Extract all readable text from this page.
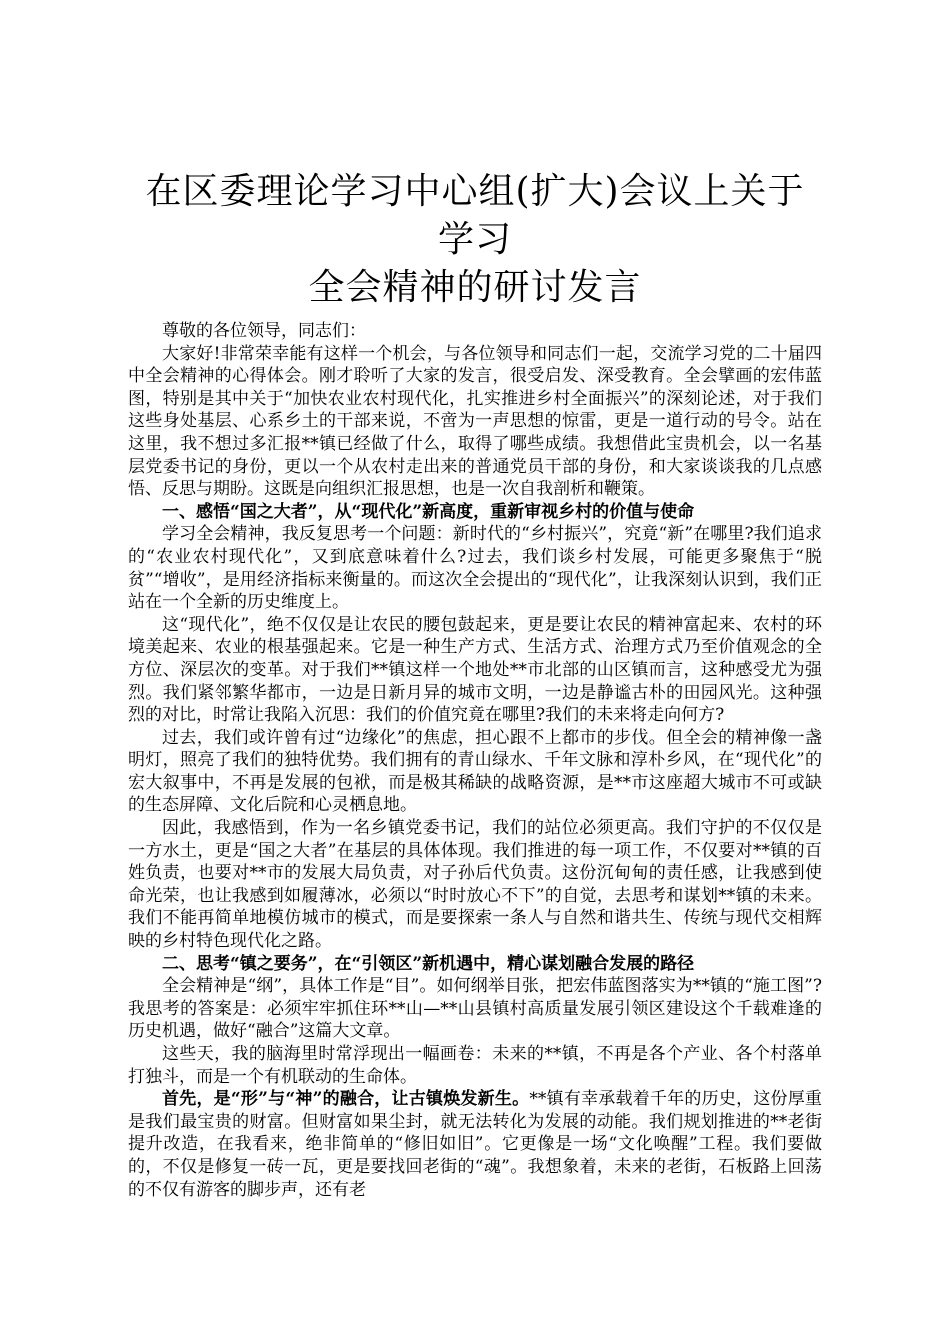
在区委理论学习中心组(扩大)会议上关于学习
全会精神的研讨发言

尊敬的各位领导，同志们：

大家好!非常荣幸能有这样一个机会，与各位领导和同志们一起，交流学习党的二十届四中全会精神的心得体会。刚才聆听了大家的发言，很受启发、深受教育。全会擘画的宏伟蓝图，特别是其中关于“加快农业农村现代化，扎实推进乡村全面振兴”的深刻论述，对于我们这些身处基层、心系乡土的干部来说，不啻为一声思想的惊雷，更是一道行动的号令。站在这里，我不想过多汇报**镇已经做了什么，取得了哪些成绩。我想借此宝贵机会，以一名基层党委书记的身份，更以一个从农村走出来的普通党员干部的身份，和大家谈谈我的几点感悟、反思与期盼。这既是向组织汇报思想，也是一次自我剖析和鞭策。

一、感悟“国之大者”，从“现代化”新高度，重新审视乡村的价值与使命

学习全会精神，我反复思考一个问题：新时代的“乡村振兴”，究竟“新”在哪里?我们追求的“农业农村现代化”，又到底意味着什么?过去，我们谈乡村发展，可能更多聚焦于“脱贫”“增收”，是用经济指标来衡量的。而这次全会提出的“现代化”，让我深刻认识到，我们正站在一个全新的历史维度上。

这“现代化”，绝不仅仅是让农民的腰包鼓起来，更是要让农民的精神富起来、农村的环境美起来、农业的根基强起来。它是一种生产方式、生活方式、治理方式乃至价值观念的全方位、深层次的变革。对于我们**镇这样一个地处**市北部的山区镇而言，这种感受尤为强烈。我们紧邻繁华都市，一边是日新月异的城市文明，一边是静谧古朴的田园风光。这种强烈的对比，时常让我陷入沉思：我们的价值究竟在哪里?我们的未来将走向何方?

过去，我们或许曾有过“边缘化”的焦虑，担心跟不上都市的步伐。但全会的精神像一盏明灯，照亮了我们的独特优势。我们拥有的青山绿水、千年文脉和淳朴乡风，在“现代化”的宏大叙事中，不再是发展的包袱，而是极其稀缺的战略资源，是**市这座超大城市不可或缺的生态屏障、文化后院和心灵栖息地。

因此，我感悟到，作为一名乡镇党委书记，我们的站位必须更高。我们守护的不仅仅是一方水土，更是“国之大者”在基层的具体体现。我们推进的每一项工作，不仅要对**镇的百姓负责，也要对**市的发展大局负责，对子孙后代负责。这份沉甸甸的责任感，让我感到使命光荣，也让我感到如履薄冰，必须以“时时放心不下”的自觉，去思考和谋划**镇的未来。我们不能再简单地模仿城市的模式，而是要探索一条人与自然和谐共生、传统与现代交相辉映的乡村特色现代化之路。

二、思考“镇之要务”，在“引领区”新机遇中，精心谋划融合发展的路径

全会精神是“纲”，具体工作是“目”。如何纲举目张，把宏伟蓝图落实为**镇的“施工图”?我思考的答案是：必须牢牢抓住环**山—**山县镇村高质量发展引领区建设这个千载难逢的历史机遇，做好“融合”这篇大文章。

这些天，我的脑海里时常浮现出一幅画卷：未来的**镇，不再是各个产业、各个村落单打独斗，而是一个有机联动的生命体。

首先，是“形”与“神”的融合，让古镇焕发新生。**镇有幸承载着千年的历史，这份厚重是我们最宝贵的财富。但财富如果尘封，就无法转化为发展的动能。我们规划推进的**老街提升改造，在我看来，绝非简单的“修旧如旧”。它更像是一场“文化唤醒”工程。我们要做的，不仅是修复一砖一瓦，更是要找回老街的“魂”。我想象着，未来的老街，石板路上回荡的不仅有游客的脚步声，还有老
